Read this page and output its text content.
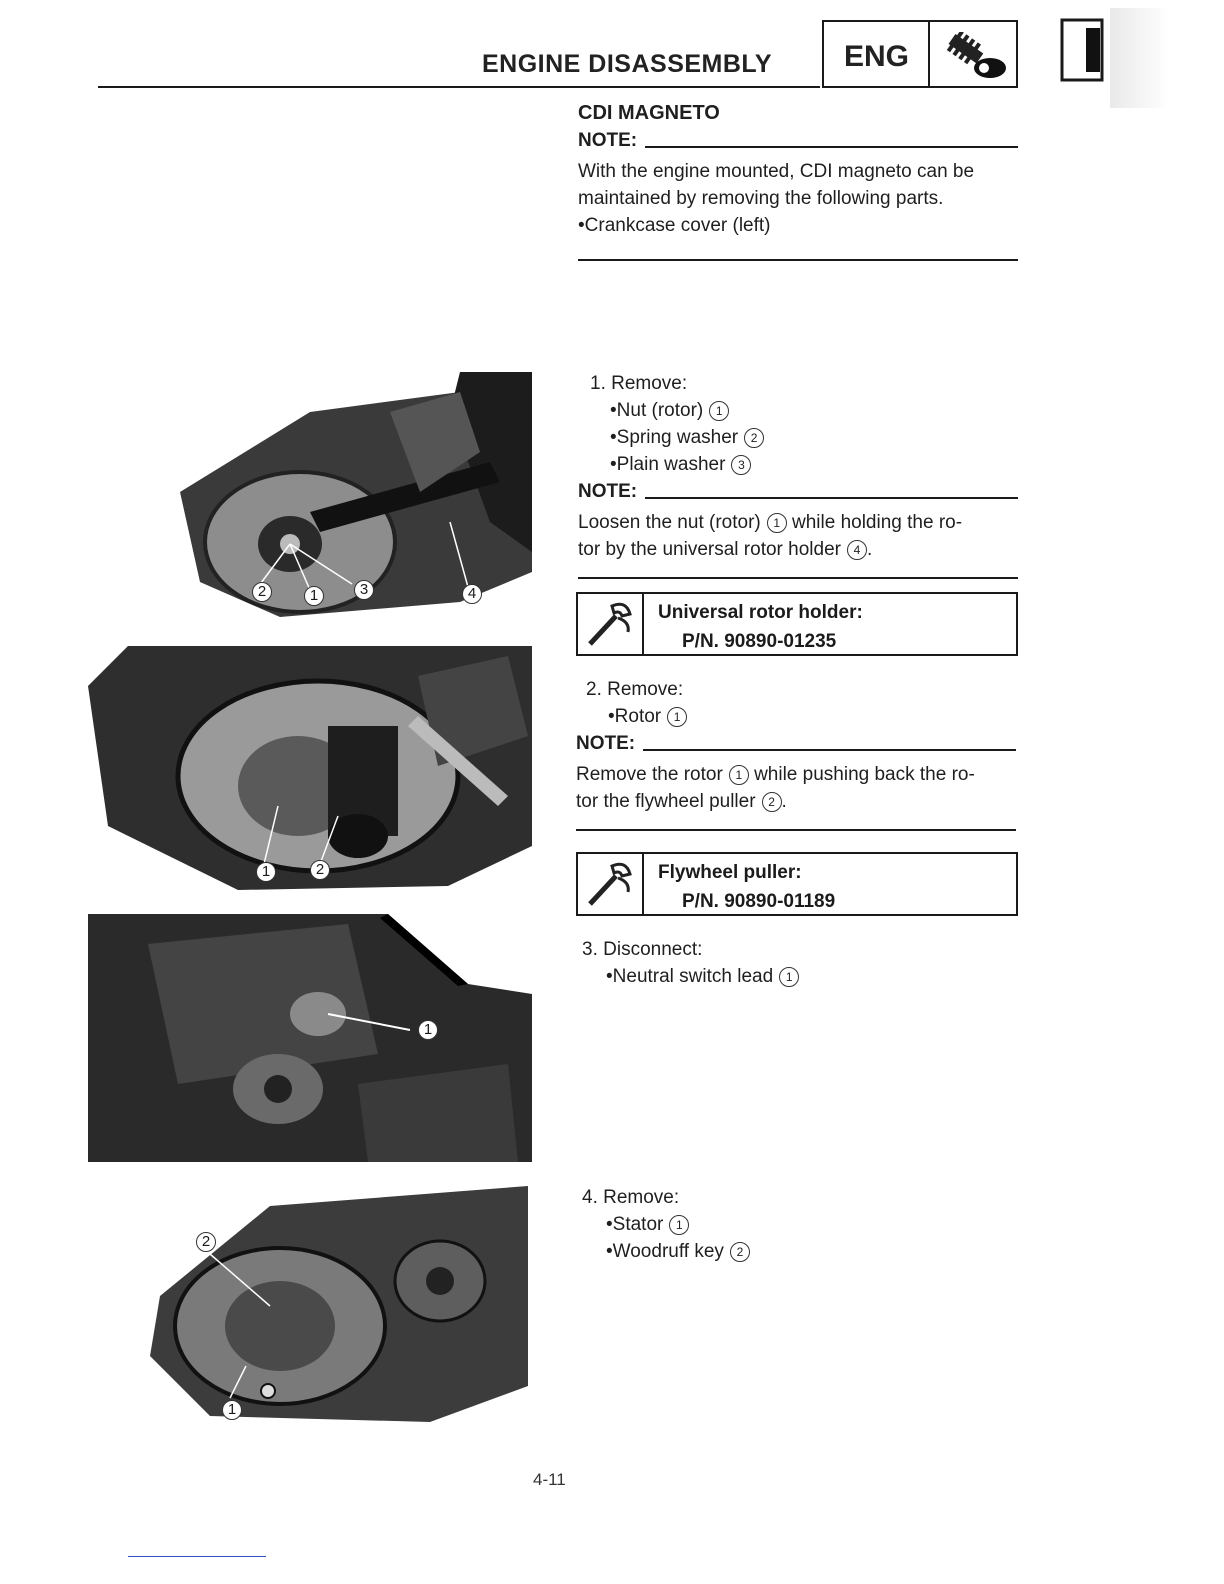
ENGINE DISASSEMBLY ENG
CDI MAGNETO
NOTE:
With the engine mounted, CDI magneto can be
maintained by removing the following parts.
•Crankcase cover (left)
1. Remove:
•Nut (rotor) 1
•Spring washer 2
•Plain washer 3
NOTE:
Loosen the nut (rotor) 1 while holding the ro-
tor by the universal rotor holder 4 .
Universal rotor holder:
P/N. 90890-01235
2. Remove:
•Rotor 1
NOTE:
Remove the rotor 1 while pushing back the ro-
tor the flywheel puller 2 .
Flywheel puller:
P/N. 90890-01189
3. Disconnect:
•Neutral switch lead 1
4. Remove:
•Stator 1
•Woodruff key 2
2	1	3	4
1	2
1
2
1
4-11
